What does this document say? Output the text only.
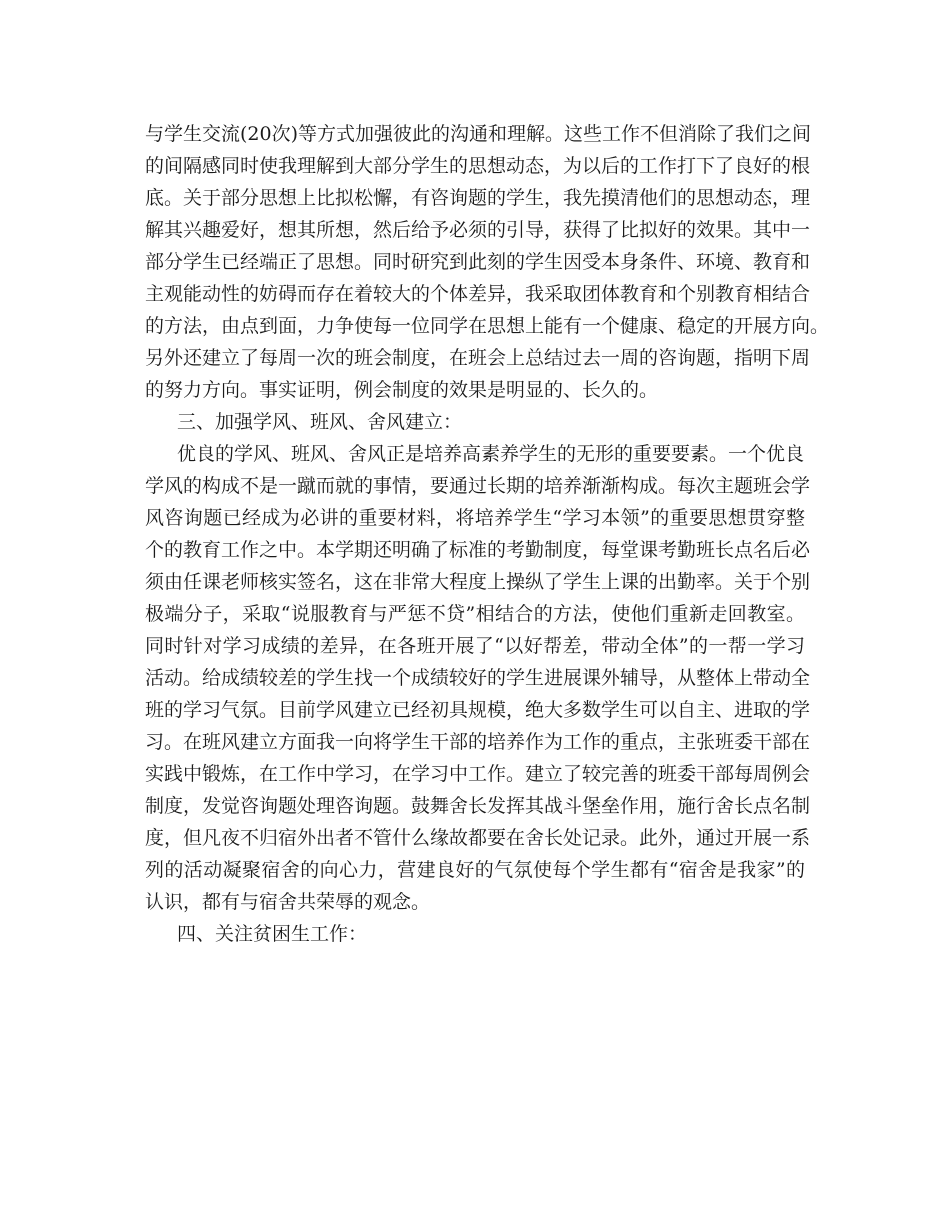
与学生交流(20次)等方式加强彼此的沟通和理解。这些工作不但消除了我们之间

的间隔感同时使我理解到大部分学生的思想动态，为以后的工作打下了良好的根

底。关于部分思想上比拟松懈，有咨询题的学生，我先摸清他们的思想动态，理

解其兴趣爱好，想其所想，然后给予必须的引导，获得了比拟好的效果。其中一

部分学生已经端正了思想。同时研究到此刻的学生因受本身条件、环境、教育和

主观能动性的妨碍而存在着较大的个体差异，我采取团体教育和个别教育相结合

的方法，由点到面，力争使每一位同学在思想上能有一个健康、稳定的开展方向。

另外还建立了每周一次的班会制度，在班会上总结过去一周的咨询题，指明下周

的努力方向。事实证明，例会制度的效果是明显的、长久的。

三、加强学风、班风、舍风建立：

优良的学风、班风、舍风正是培养高素养学生的无形的重要要素。一个优良

学风的构成不是一蹴而就的事情，要通过长期的培养渐渐构成。每次主题班会学

风咨询题已经成为必讲的重要材料，将培养学生“学习本领”的重要思想贯穿整

个的教育工作之中。本学期还明确了标准的考勤制度，每堂课考勤班长点名后必

须由任课老师核实签名，这在非常大程度上操纵了学生上课的出勤率。关于个别

极端分子，采取“说服教育与严惩不贷”相结合的方法，使他们重新走回教室。

同时针对学习成绩的差异，在各班开展了“以好帮差，带动全体”的一帮一学习

活动。给成绩较差的学生找一个成绩较好的学生进展课外辅导，从整体上带动全

班的学习气氛。目前学风建立已经初具规模，绝大多数学生可以自主、进取的学

习。在班风建立方面我一向将学生干部的培养作为工作的重点，主张班委干部在

实践中锻炼，在工作中学习，在学习中工作。建立了较完善的班委干部每周例会

制度，发觉咨询题处理咨询题。鼓舞舍长发挥其战斗堡垒作用，施行舍长点名制

度，但凡夜不归宿外出者不管什么缘故都要在舍长处记录。此外，通过开展一系

列的活动凝聚宿舍的向心力，营建良好的气氛使每个学生都有“宿舍是我家”的

认识，都有与宿舍共荣辱的观念。

四、关注贫困生工作：
